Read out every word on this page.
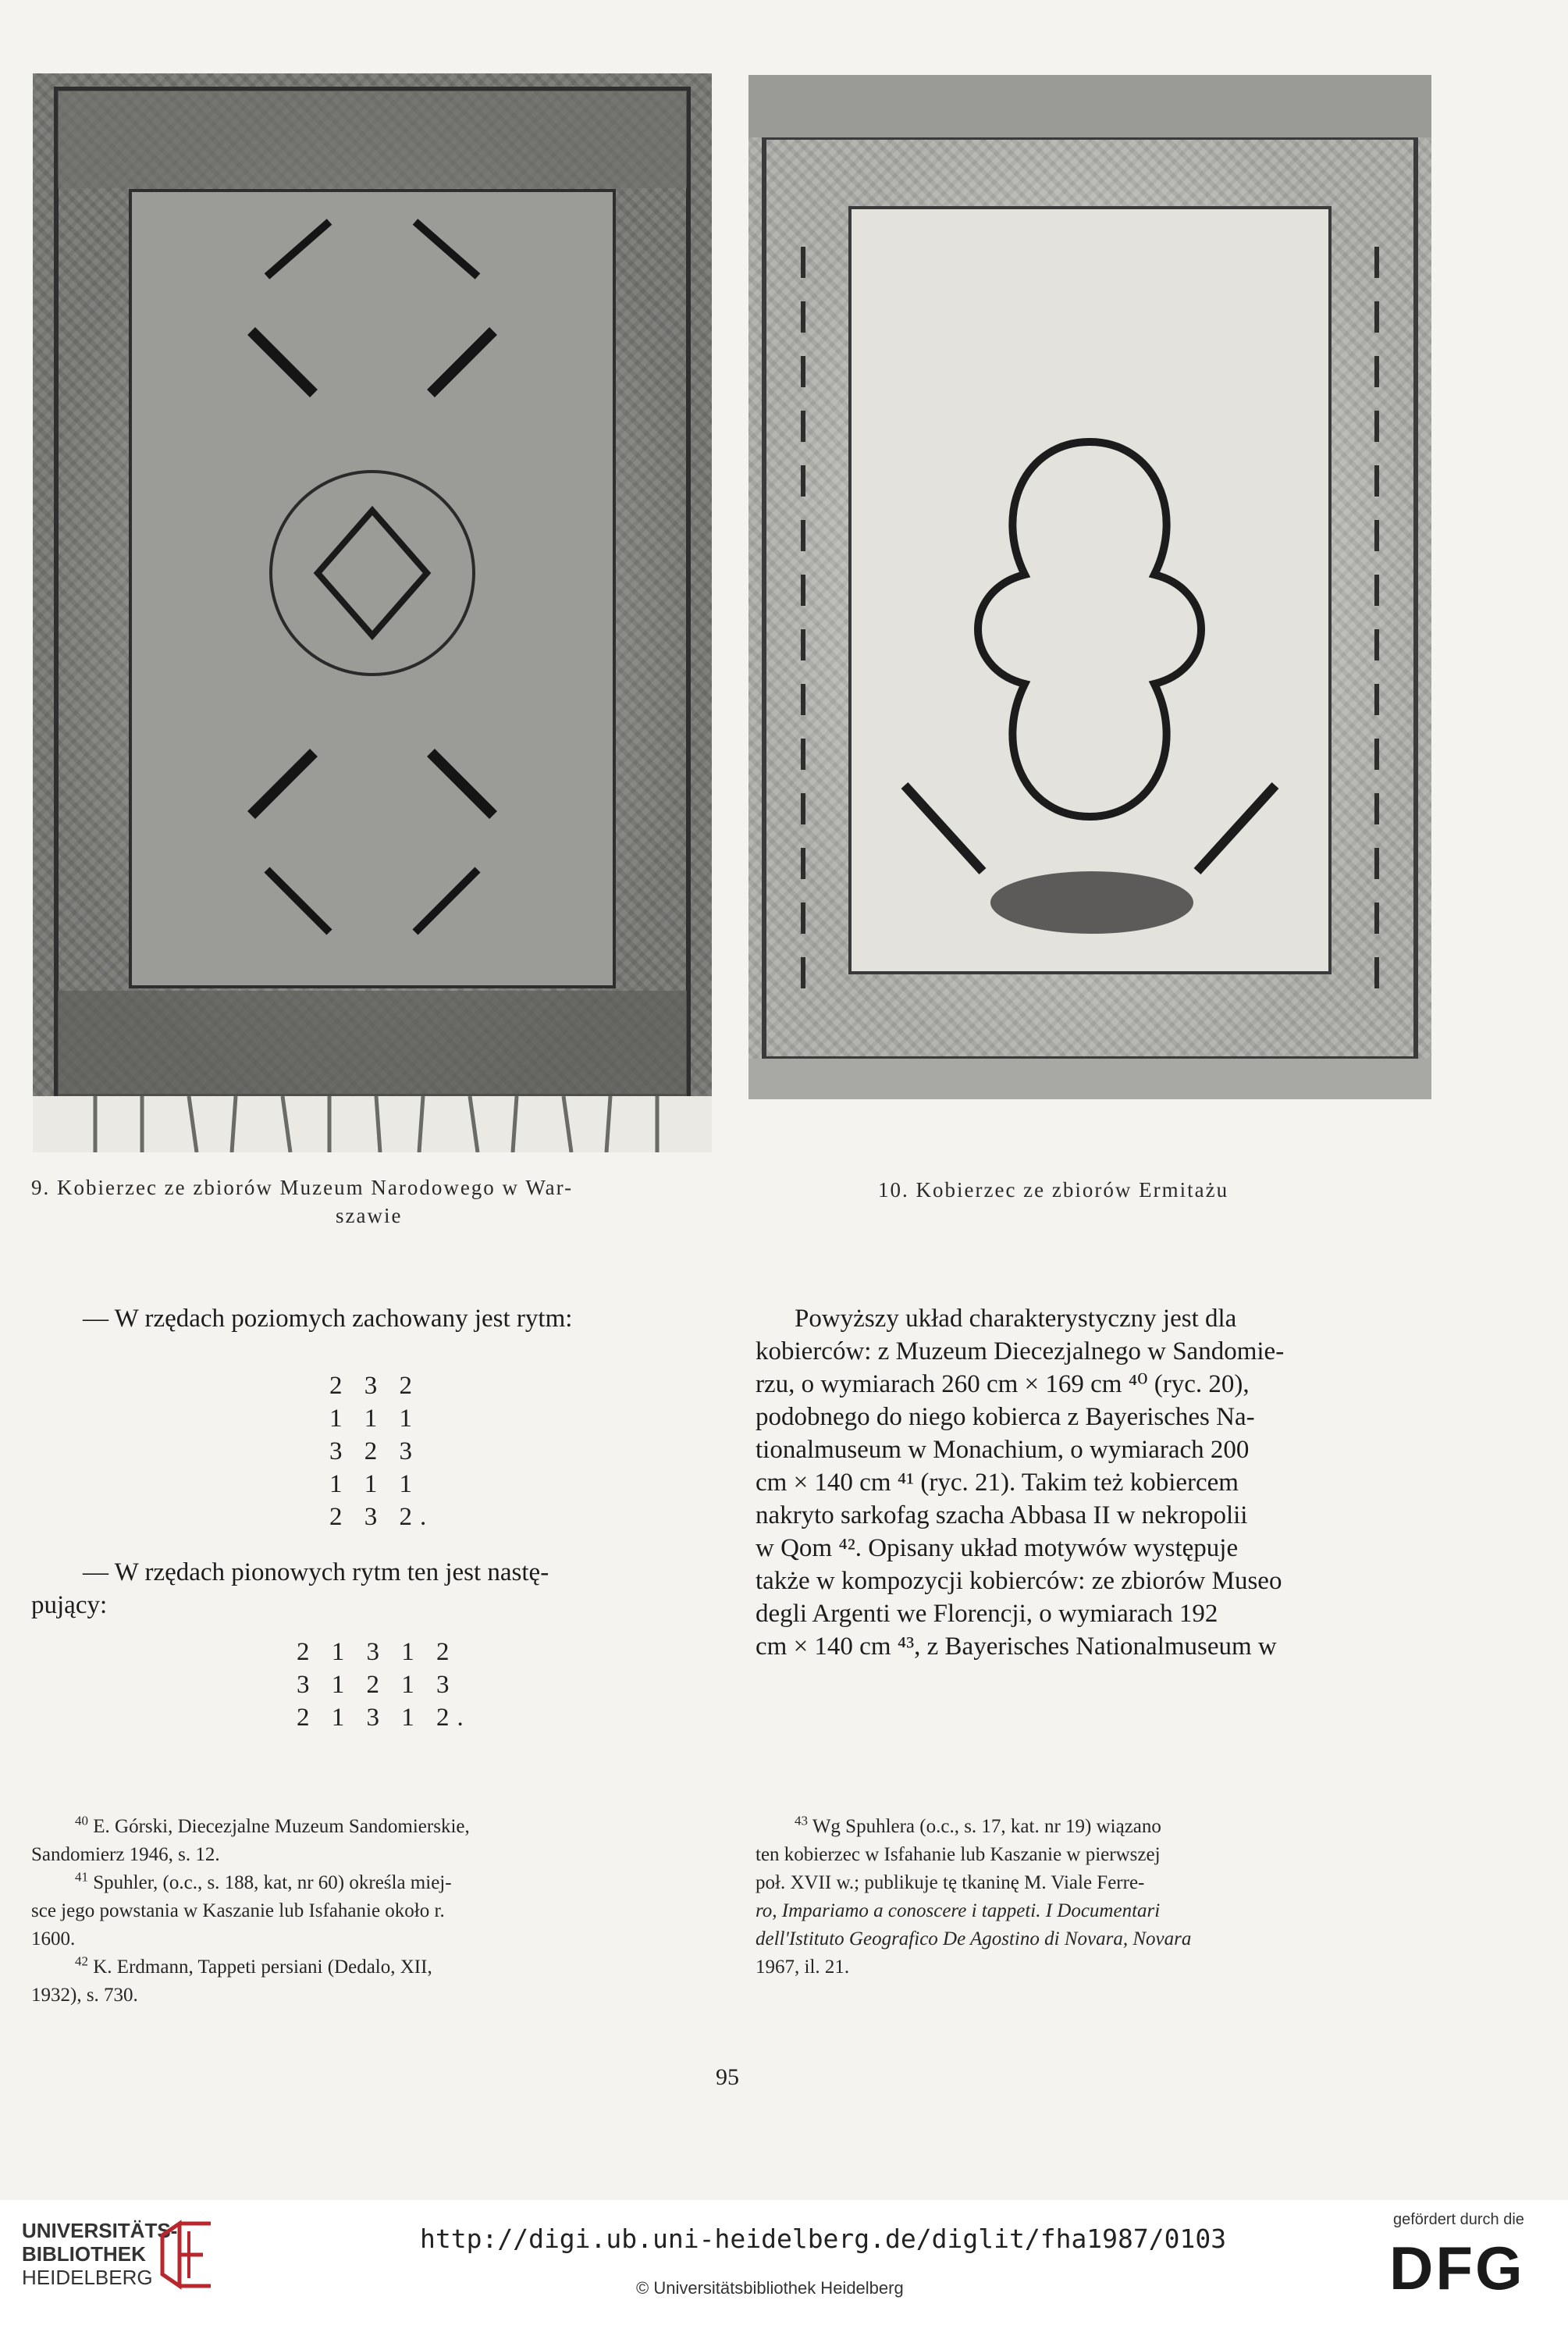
9. Kobierzec ze zbiorów Muzeum Narodowego w War-
szawie
10. Kobierzec ze zbiorów Ermitażu
— W rzędach poziomych zachowany jest rytm:
2 3 2
1 1 1
3 2 3
1 1 1
2 3 2.
— W rzędach pionowych rytm ten jest nastę-
pujący:
2 1 3 1 2
3 1 2 1 3
2 1 3 1 2.
Powyższy układ charakterystyczny jest dla
kobierców: z Muzeum Diecezjalnego w Sandomie-
rzu, o wymiarach 260 cm × 169 cm ⁴⁰ (ryc. 20),
podobnego do niego kobierca z Bayerisches Na-
tionalmuseum w Monachium, o wymiarach 200
cm × 140 cm ⁴¹ (ryc. 21). Takim też kobiercem
nakryto sarkofag szacha Abbasa II w nekropolii
w Qom ⁴². Opisany układ motywów występuje
także w kompozycji kobierców: ze zbiorów Museo
degli Argenti we Florencji, o wymiarach 192
cm × 140 cm ⁴³, z Bayerisches Nationalmuseum w
$^{40}$ E. Górski, Diecezjalne Muzeum Sandomierskie,
Sandomierz 1946, s. 12.
$^{41}$ Spuhler, (o.c., s. 188, kat, nr 60) określa miej-
sce jego powstania w Kaszanie lub Isfahanie około r.
1600.
$^{42}$ K. Erdmann, Tappeti persiani (Dedalo, XII,
1932), s. 730.
$^{43}$ Wg Spuhlera (o.c., s. 17, kat. nr 19) wiązano
ten kobierzec w Isfahanie lub Kaszanie w pierwszej
poł. XVII w.; publikuje tę tkaninę M. Viale Ferre-
ro, Impariamo a conoscere i tappeti. I Documentari
dell'Istituto Geografico De Agostino di Novara, Novara
1967, il. 21.
95
UNIVERSITÄTS-
BIBLIOTHEK
HEIDELBERG
http://digi.ub.uni-heidelberg.de/diglit/fha1987/0103
© Universitätsbibliothek Heidelberg
gefördert durch die
DFG
